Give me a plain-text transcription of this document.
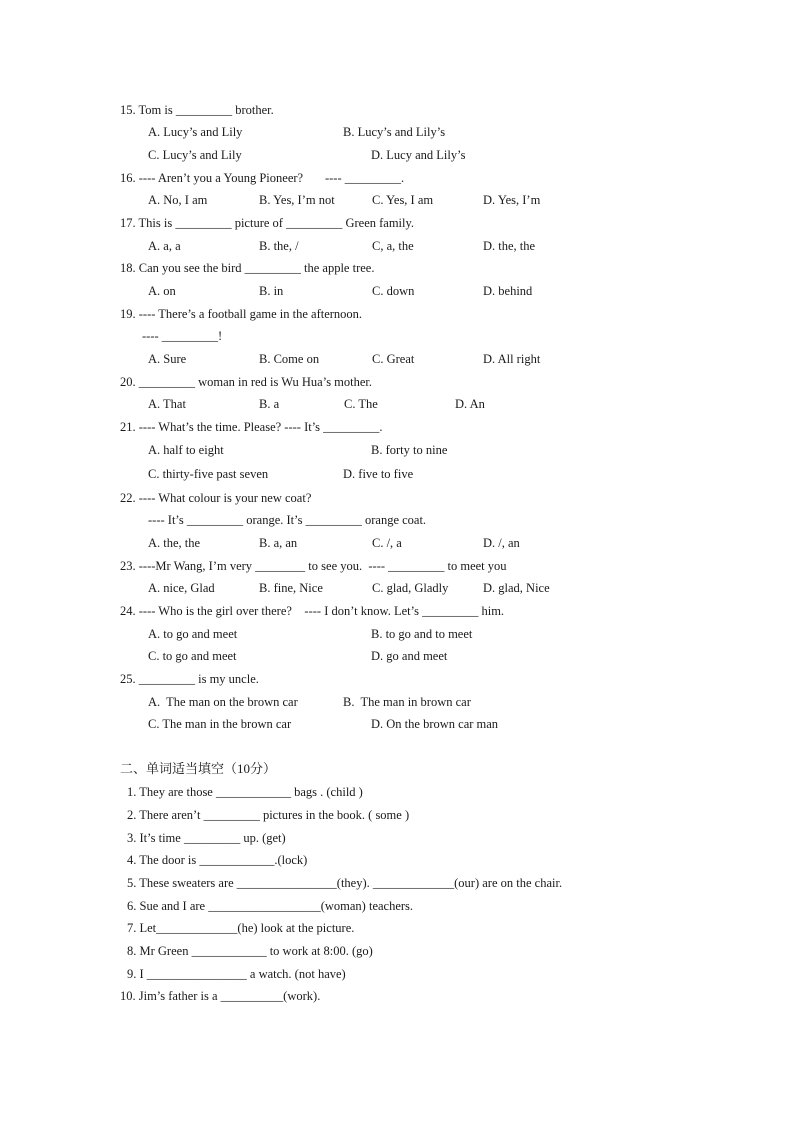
15. Tom is _________ brother.
A. Lucy’s and Lily	B. Lucy’s and Lily’s
C. Lucy’s and Lily	D. Lucy and Lily’s
16. ---- Aren’t you a Young Pioneer?       ---- _________.
A. No, I am	B. Yes, I’m not	C. Yes, I am	D. Yes, I’m
17. This is _________ picture of _________ Green family.
A. a, a	B. the, /	C, a, the	D. the, the
18. Can you see the bird _________ the apple tree.
A. on	B. in	C. down	D. behind
19. ---- There’s a football game in the afternoon.
---- _________!
A. Sure	B. Come on	C. Great	D. All right
20. _________ woman in red is Wu Hua’s mother.
A. That	B. a	C. The	D. An
21. ---- What’s the time. Please? ---- It’s _________.
A. half to eight	B. forty to nine
C. thirty-five past seven	D. five to five
22. ---- What colour is your new coat?
---- It’s _________ orange. It’s _________ orange coat.
A. the, the	B. a, an	C. /, a	D. /, an
23. ----Mr Wang, I’m very ________ to see you.  ---- _________ to meet you
A. nice, Glad	B. fine, Nice	C. glad, Gladly	D. glad, Nice
24. ---- Who is the girl over there?    ---- I don’t know. Let’s _________ him.
A. to go and meet	B. to go and to meet
C. to go and meet	D. go and meet
25. _________ is my uncle.
A.  The man on the brown car	B.  The man in brown car
C. The man in the brown car	D. On the brown car man
二、单词适当填空（10分）
1. They are those ____________ bags . (child )
2. There aren’t _________ pictures in the book. ( some )
3. It’s time _________ up. (get)
4. The door is ____________.(lock)
5. These sweaters are ________________(they). _____________(our) are on the chair.
6. Sue and I are __________________(woman) teachers.
7. Let_____________(he) look at the picture.
8. Mr Green ____________ to work at 8:00. (go)
9. I ________________ a watch. (not have)
10. Jim’s father is a __________(work).
